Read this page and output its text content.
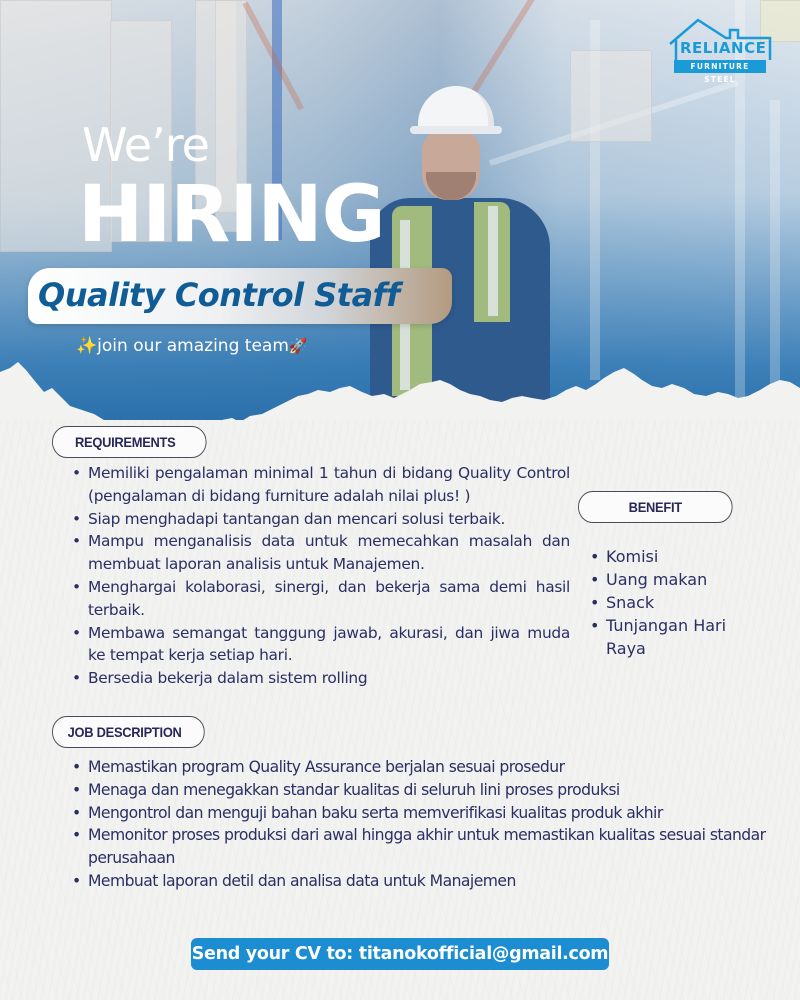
RELIANCE
FURNITURE STEEL
We’re
HIRING
Quality Control Staff
✨join our amazing team🚀
REQUIREMENTS
• Memiliki pengalaman minimal 1 tahun di bidang Quality Control (pengalaman di bidang furniture adalah nilai plus! )
• Siap menghadapi tantangan dan mencari solusi terbaik.
• Mampu menganalisis data untuk memecahkan masalah dan membuat laporan analisis untuk Manajemen.
• Menghargai kolaborasi, sinergi, dan bekerja sama demi hasil terbaik.
• Membawa semangat tanggung jawab, akurasi, dan jiwa muda ke tempat kerja setiap hari.
• Bersedia bekerja dalam sistem rolling
BENEFIT
• Komisi
• Uang makan
• Snack
• Tunjangan Hari Raya
JOB DESCRIPTION
• Memastikan program Quality Assurance berjalan sesuai prosedur
• Menaga dan menegakkan standar kualitas di seluruh lini proses produksi
• Mengontrol dan menguji bahan baku serta memverifikasi kualitas produk akhir
• Memonitor proses produksi dari awal hingga akhir untuk memastikan kualitas sesuai standar perusahaan
• Membuat laporan detil dan analisa data untuk Manajemen
Send your CV to: titanokofficial@gmail.com
